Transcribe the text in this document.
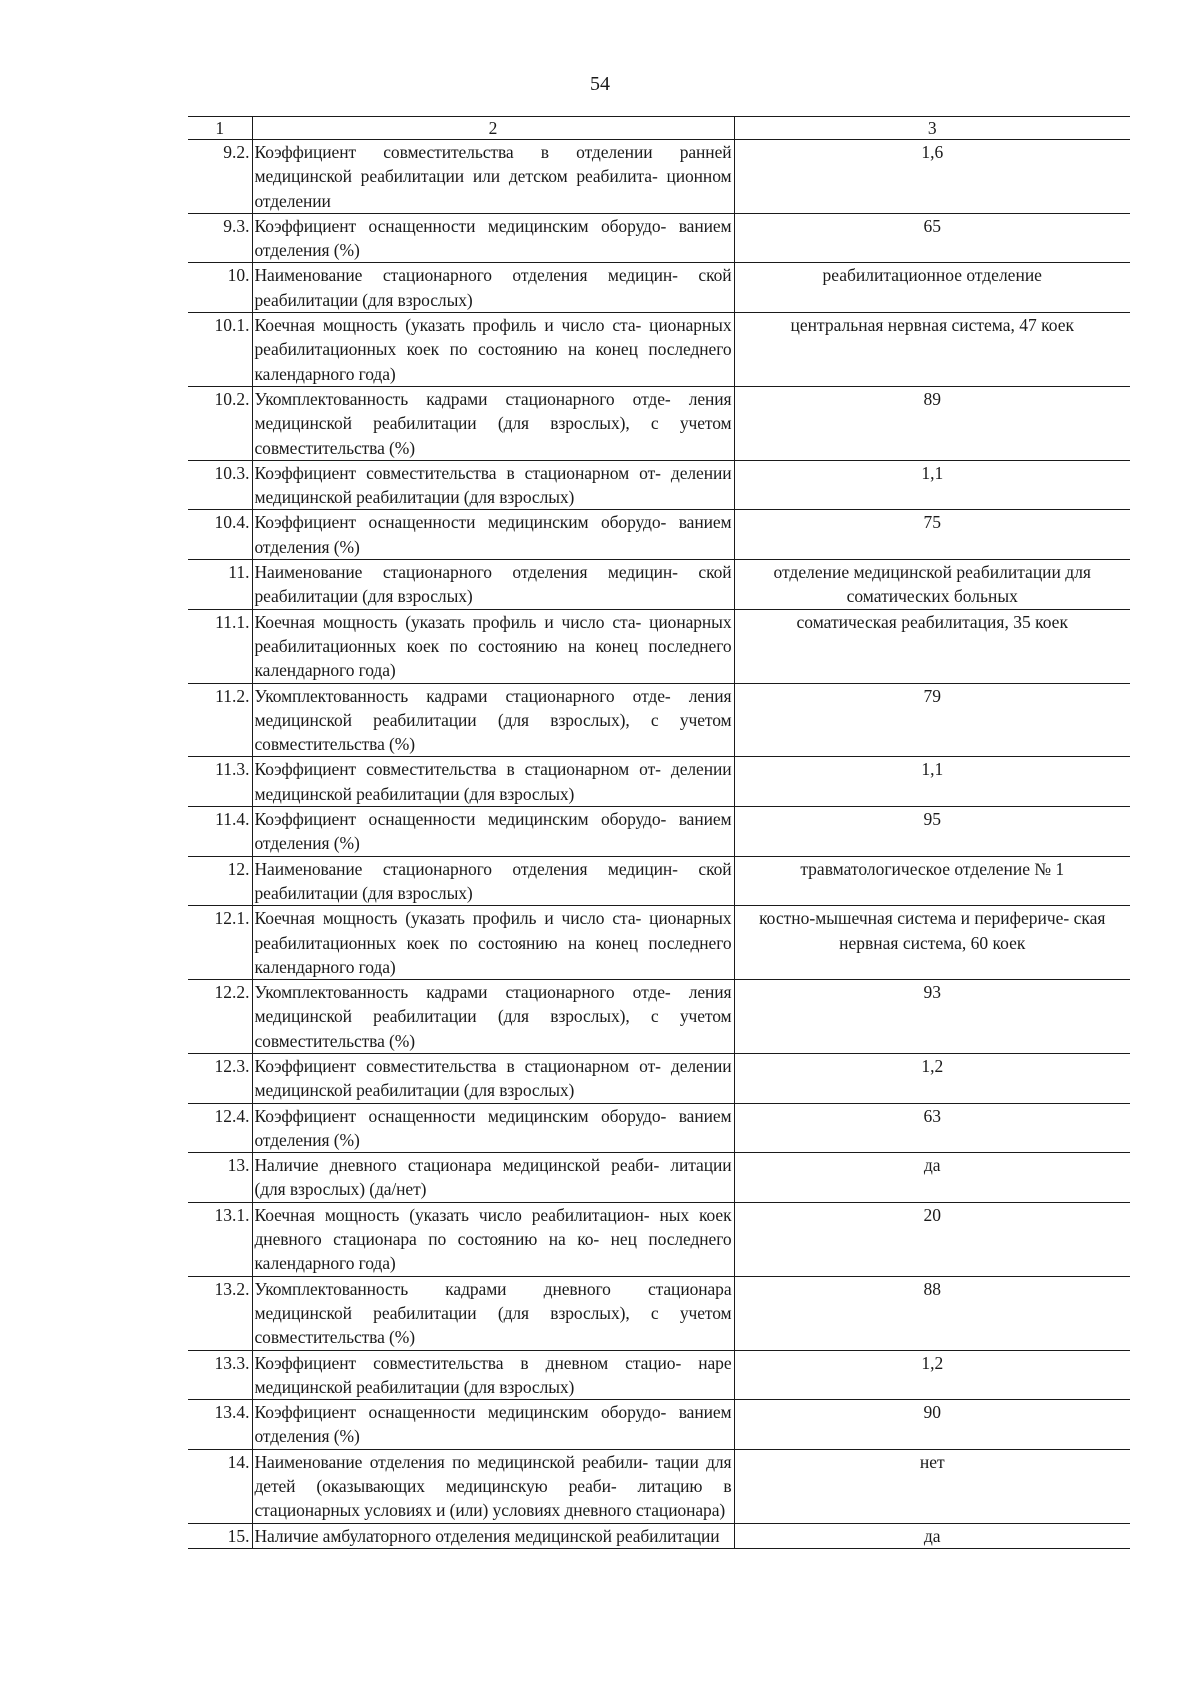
54
1	2	3
9.2.	Коэффициент совместительства в отделении ранней медицинской реабилитации или детском реабилита- ционном отделении	1,6
9.3.	Коэффициент оснащенности медицинским оборудо- ванием отделения (%)	65
10.	Наименование стационарного отделения медицин- ской реабилитации (для взрослых)	реабилитационное отделение
10.1.	Коечная мощность (указать профиль и число ста- ционарных реабилитационных коек по состоянию на конец последнего календарного года)	центральная нервная система, 47 коек
10.2.	Укомплектованность кадрами стационарного отде- ления медицинской реабилитации (для взрослых), с учетом совместительства (%)	89
10.3.	Коэффициент совместительства в стационарном от- делении медицинской реабилитации (для взрослых)	1,1
10.4.	Коэффициент оснащенности медицинским оборудо- ванием отделения (%)	75
11.	Наименование стационарного отделения медицин- ской реабилитации (для взрослых)	отделение медицинской реабилитации для соматических больных
11.1.	Коечная мощность (указать профиль и число ста- ционарных реабилитационных коек по состоянию на конец последнего календарного года)	соматическая реабилитация, 35 коек
11.2.	Укомплектованность кадрами стационарного отде- ления медицинской реабилитации (для взрослых), с учетом совместительства (%)	79
11.3.	Коэффициент совместительства в стационарном от- делении медицинской реабилитации (для взрослых)	1,1
11.4.	Коэффициент оснащенности медицинским оборудо- ванием отделения (%)	95
12.	Наименование стационарного отделения медицин- ской реабилитации (для взрослых)	травматологическое отделение № 1
12.1.	Коечная мощность (указать профиль и число ста- ционарных реабилитационных коек по состоянию на конец последнего календарного года)	костно-мышечная система и перифериче- ская нервная система, 60 коек
12.2.	Укомплектованность кадрами стационарного отде- ления медицинской реабилитации (для взрослых), с учетом совместительства (%)	93
12.3.	Коэффициент совместительства в стационарном от- делении медицинской реабилитации (для взрослых)	1,2
12.4.	Коэффициент оснащенности медицинским оборудо- ванием отделения (%)	63
13.	Наличие дневного стационара медицинской реаби- литации (для взрослых) (да/нет)	да
13.1.	Коечная мощность (указать число реабилитацион- ных коек дневного стационара по состоянию на ко- нец последнего календарного года)	20
13.2.	Укомплектованность кадрами дневного стационара медицинской реабилитации (для взрослых), с учетом совместительства (%)	88
13.3.	Коэффициент совместительства в дневном стацио- наре медицинской реабилитации (для взрослых)	1,2
13.4.	Коэффициент оснащенности медицинским оборудо- ванием отделения (%)	90
14.	Наименование отделения по медицинской реабили- тации для детей (оказывающих медицинскую реаби- литацию в стационарных условиях и (или) условиях дневного стационара)	нет
15.	Наличие амбулаторного отделения медицинской реабилитации	да
